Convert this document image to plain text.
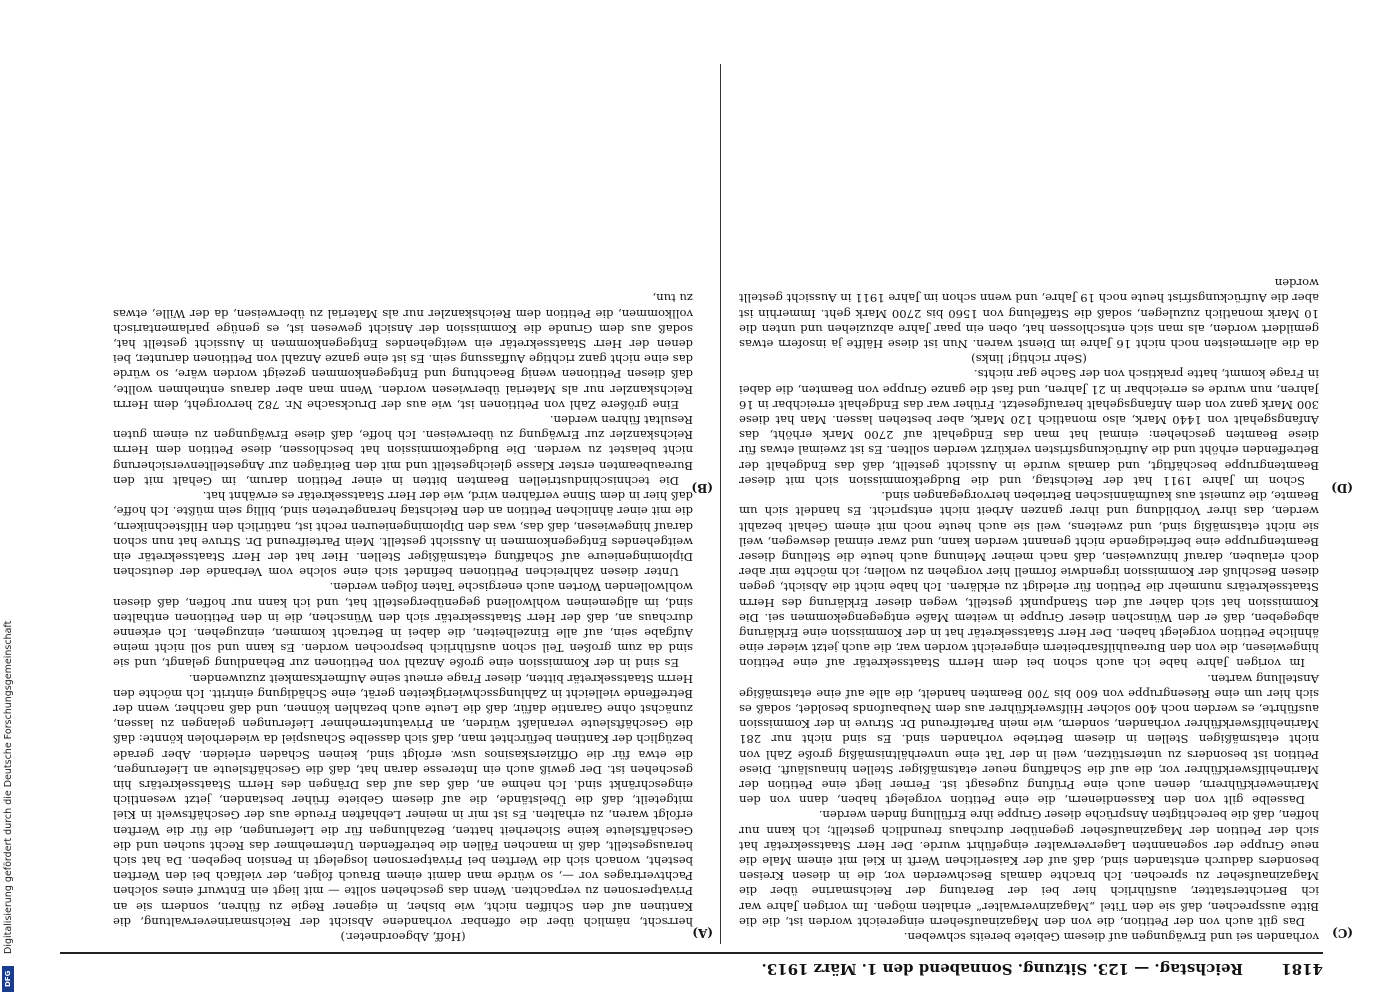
4181
Reichstag. — 123. Sitzung. Sonnabend den 1. März 1913.
(C)
(D)
(A)
(B)

vorhanden sei und Erwägungen auf diesem Gebiete bereits schweben.

Das gilt auch von der Petition, die von den Magazinaufsehern eingereicht worden ist, die die Bitte aussprechen, daß sie den Titel „Magazinverwalter“ erhalten mögen. Im vorigen Jahre war ich Berichterstatter, ausführlich hier bei der Beratung der Reichsmarine über die Magazinaufseher zu sprechen. Ich brachte damals Beschwerden vor, die in diesen Kreisen besonders dadurch entstanden sind, daß auf der Kaiserlichen Werft in Kiel mit einem Male die neue Gruppe der sogenannten Lagerverwalter eingeführt wurde. Der Herr Staatssekretär hat sich der Petition der Magazinaufseher gegenüber durchaus freundlich gestellt; ich kann nur hoffen, daß die berechtigten Ansprüche dieser Gruppe ihre Erfüllung finden werden.

Dasselbe gilt von den Kassendienern, die eine Petition vorgelegt haben, dann von den Marinewerkführern, denen auch eine Prüfung zugesagt ist. Ferner liegt eine Petition der Marinehilfswerkführer vor, die auf die Schaffung neuer etatsmäßiger Stellen hinausläuft. Diese Petition ist besonders zu unterstützen, weil in der Tat eine unverhältnismäßig große Zahl von nicht etatsmäßigen Stellen in diesem Betriebe vorhanden sind. Es sind nicht nur 281 Marinehilfswerkführer vorhanden, sondern, wie mein Parteifreund Dr. Struve in der Kommission ausführte, es werden noch 400 solcher Hilfswerkführer aus dem Neubaufonds besoldet, sodaß es sich hier um eine Riesengruppe von 600 bis 700 Beamten handelt, die alle auf eine etatsmäßige Anstellung warten.

Im vorigen Jahre habe ich auch schon bei dem Herrn Staatssekretär auf eine Petition hingewiesen, die von den Bureauhilfsarbeitern eingereicht worden war, die auch jetzt wieder eine ähnliche Petition vorgelegt haben. Der Herr Staatssekretär hat in der Kommission eine Erklärung abgegeben, daß er den Wünschen dieser Gruppe in weitem Maße entgegengekommen sei. Die Kommission hat sich daher auf den Standpunkt gestellt, wegen dieser Erklärung des Herrn Staatssekretärs nunmehr die Petition für erledigt zu erklären. Ich habe nicht die Absicht, gegen diesen Beschluß der Kommission irgendwie formell hier vorgehen zu wollen; ich möchte mir aber doch erlauben, darauf hinzuweisen, daß nach meiner Meinung auch heute die Stellung dieser Beamtengruppe eine befriedigende nicht genannt werden kann, und zwar einmal deswegen, weil sie nicht etatsmäßig sind, und zweitens, weil sie auch heute noch mit einem Gehalt bezahlt werden, das ihrer Vorbildung und ihrer ganzen Arbeit nicht entspricht. Es handelt sich um Beamte, die zumeist aus kaufmännischen Betrieben hervorgegangen sind.

Schon im Jahre 1911 hat der Reichstag, und die Budgetkommission sich mit dieser Beamtengruppe beschäftigt, und damals wurde in Aussicht gestellt, daß das Endgehalt der Betreffenden erhöht und die Aufrückungsfristen verkürzt werden sollten. Es ist zweimal etwas für diese Beamten geschehen: einmal hat man das Endgehalt auf 2700 Mark erhöht, das Anfangsgehalt von 1440 Mark, also monatlich 120 Mark, aber bestehen lassen. Man hat diese 300 Mark ganz von dem Anfangsgehalt heraufgesetzt. Früher war das Endgehalt erreichbar in 16 Jahren, nun wurde es erreichbar in 21 Jahren, und fast die ganze Gruppe von Beamten, die dabei in Frage kommt, hatte praktisch von der Sache gar nichts.

(Sehr richtig! links)

da die allermeisten noch nicht 16 Jahre im Dienst waren. Nun ist diese Hälfte ja insofern etwas gemildert worden, als man sich entschlossen hat, oben ein paar Jahre abzuziehen und unten die 10 Mark monatlich zuzulegen, sodaß die Staffelung von 1560 bis 2700 Mark geht. Immerhin ist aber die Aufrückungsfrist heute noch 19 Jahre, und wenn schon im Jahre 1911 in Aussicht gestellt worden

(Hoff, Abgeordneter.)

herrscht, nämlich über die offenbar vorhandene Absicht der Reichsmarineverwaltung, die Kantinen auf den Schiffen nicht, wie bisher, in eigener Regie zu führen, sondern sie an Privatpersonen zu verpachten. Wenn das geschehen sollte — mit liegt ein Entwurf eines solchen Pachtvertrages vor —, so würde man damit einem Brauch folgen, der vielfach bei den Werften besteht, wonach sich die Werften bei Privatpersonen losgelegt in Pension begeben. Da hat sich herausgestellt, daß in manchen Fällen die betreffenden Unternehmer das Recht suchen und die Geschäftsleute keine Sicherheit hatten, Bezahlungen für die Lieferungen, die für die Werften erfolgt waren, zu erhalten. Es ist mir in meiner Lebhaften Freude aus der Geschäftswelt in Kiel mitgeteilt, daß die Übelstände, die auf diesem Gebiete früher bestanden, jetzt wesentlich eingeschränkt sind. Ich nehme an, daß das auf das Drängen des Herrn Staatssekretärs hin geschehen ist. Der gewiß auch ein Interesse daran hat, daß die Geschäftsleute an Lieferungen, die etwa für die Offizierskasinos usw. erfolgt sind, keinen Schaden erleiden. Aber gerade bezüglich der Kantinen befürchtet man, daß sich dasselbe Schauspiel da wiederholen könnte: daß die Geschäftsleute veranlaßt würden, an Privatunternehmer Lieferungen gelangen zu lassen, zunächst ohne Garantie dafür, daß die Leute auch bezahlen können, und daß nachher, wenn der Betreffende vielleicht in Zahlungsschwierigkeiten gerät, eine Schädigung eintritt. Ich möchte den Herrn Staatssekretär bitten, dieser Frage erneut seine Aufmerksamkeit zuzuwenden.

Es sind in der Kommission eine große Anzahl von Petitionen zur Behandlung gelangt, und sie sind da zum großen Teil schon ausführlich besprochen worden. Es kann und soll nicht meine Aufgabe sein, auf alle Einzelheiten, die dabei in Betracht kommen, einzugehen. Ich erkenne durchaus an, daß der Herr Staatssekretär sich den Wünschen, die in den Petitionen enthalten sind, im allgemeinen wohlwollend gegenübergestellt hat, und ich kann nur hoffen, daß diesen wohlwollenden Worten auch energische Taten folgen werden.

Unter diesen zahlreichen Petitionen befindet sich eine solche vom Verbande der deutschen Diplomingenieure auf Schaffung etatsmäßiger Stellen. Hier hat der Herr Staatssekretär ein weitgehendes Entgegenkommen in Aussicht gestellt. Mein Parteifreund Dr. Struve hat nun schon darauf hingewiesen, daß das, was den Diplomingenieuren recht ist, natürlich den Hilfstechnikern, die mit einer ähnlichen Petition an den Reichstag herangetreten sind, billig sein müßte. Ich hoffe, daß hier in dem Sinne verfahren wird, wie der Herr Staatssekretär es erwähnt hat.

Die technischindustriellen Beamten bitten in einer Petition darum, im Gehalt mit den Bureaubeamten erster Klasse gleichgestellt und mit den Beiträgen zur Angestelltenversicherung nicht belastet zu werden. Die Budgetkommission hat beschlossen, diese Petition dem Herrn Reichskanzler zur Erwägung zu überweisen. Ich hoffe, daß diese Erwägungen zu einem guten Resultat führen werden.

Eine größere Zahl von Petitionen ist, wie aus der Drucksache Nr. 782 hervorgeht, dem Herrn Reichskanzler nur als Material überwiesen worden. Wenn man aber daraus entnehmen wollte, daß diesen Petitionen wenig Beachtung und Entgegenkommen gezeigt worden wäre, so würde das eine nicht ganz richtige Auffassung sein. Es ist eine ganze Anzahl von Petitionen darunter, bei denen der Herr Staatssekretär ein weitgehendes Entgegenkommen in Aussicht gestellt hat, sodaß aus dem Grunde die Kommission der Ansicht gewesen ist, es genüge parlamentarisch vollkommen, die Petition dem Reichskanzler nur als Material zu überweisen, da der Wille, etwas zu tun,

Digitalisierung gefördert durch die Deutsche Forschungsgemeinschaft
DFG
